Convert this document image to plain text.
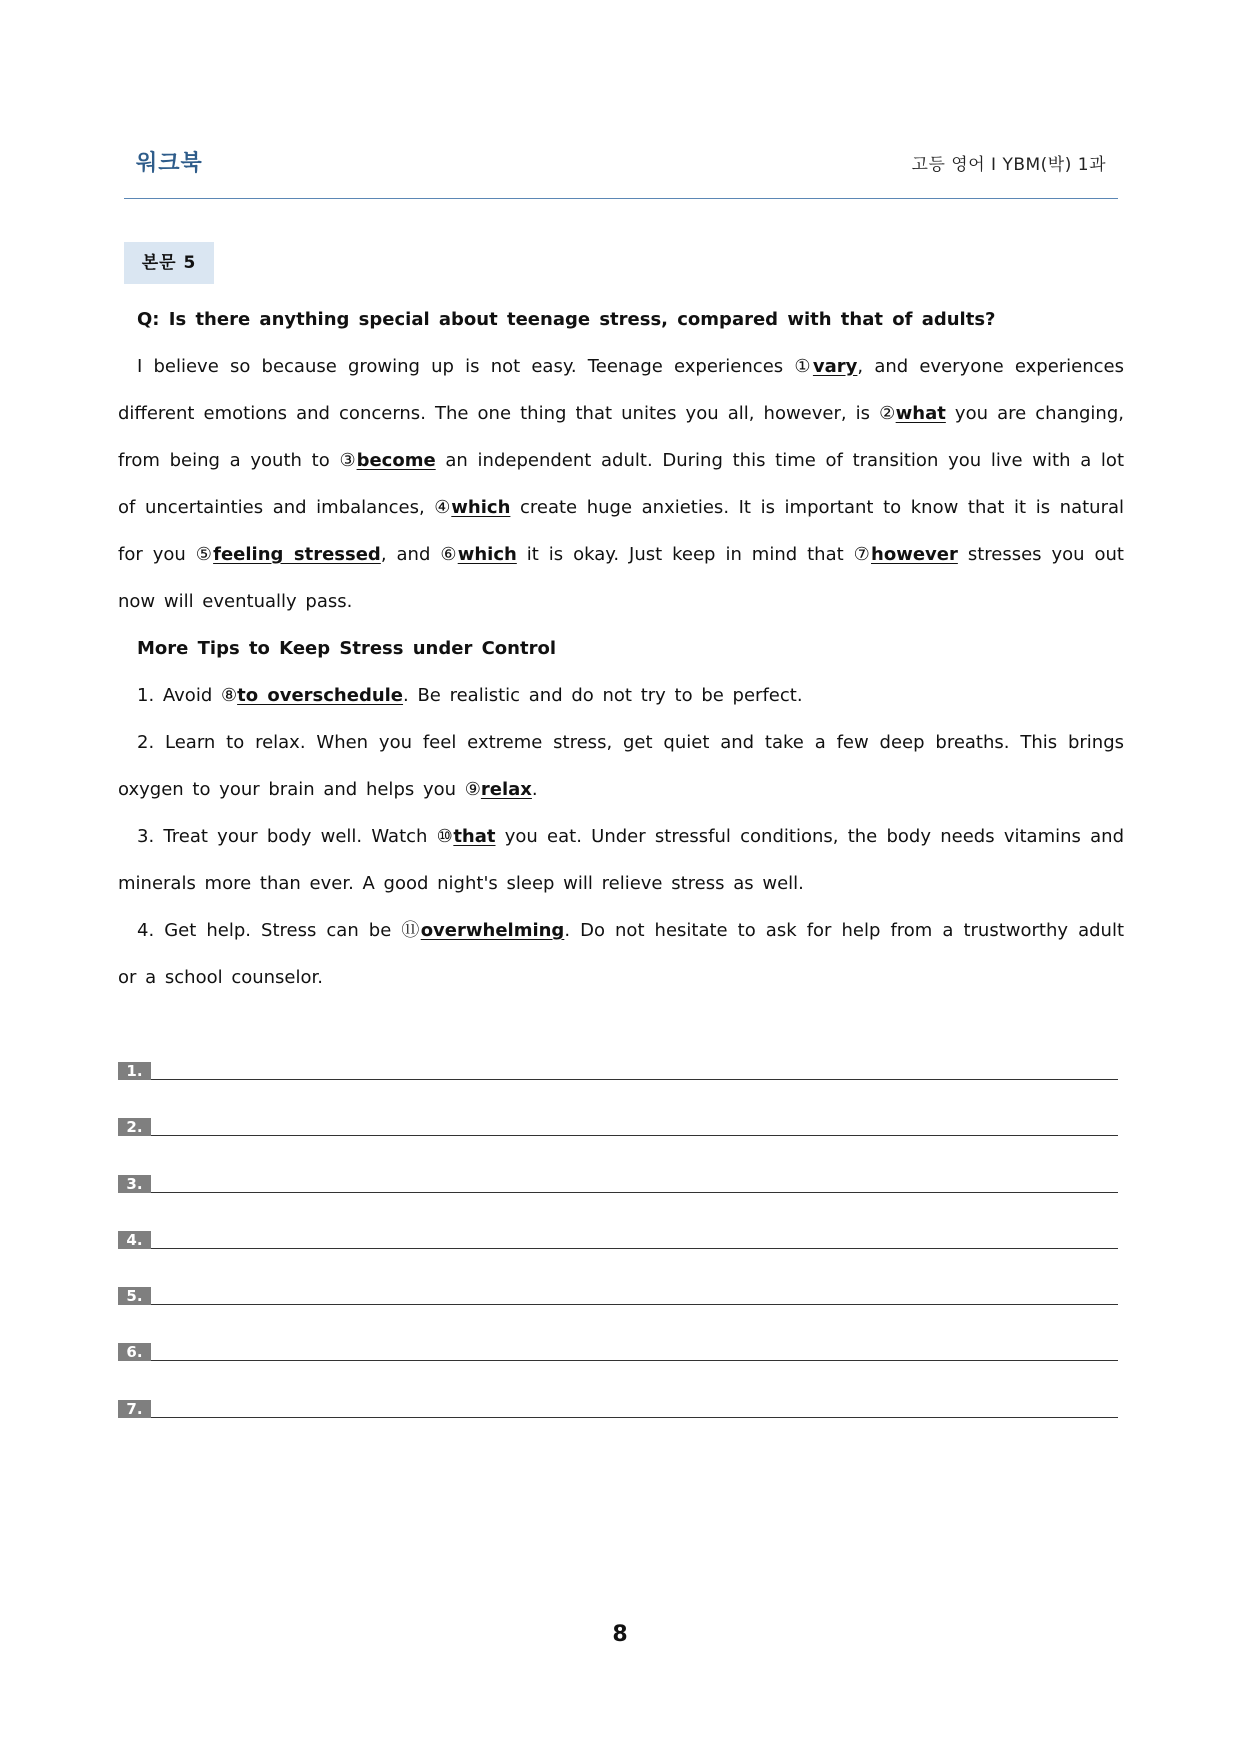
워크북	고등 영어 I YBM(박) 1과
본문 5

Q: Is there anything special about teenage stress, compared with that of adults?

I believe so because growing up is not easy. Teenage experiences ①vary, and everyone experiences different emotions and concerns. The one thing that unites you all, however, is ②what you are changing, from being a youth to ③become an independent adult. During this time of transition you live with a lot of uncertainties and imbalances, ④which create huge anxieties. It is important to know that it is natural for you ⑤feeling stressed, and ⑥which it is okay. Just keep in mind that ⑦however stresses you out now will eventually pass.

More Tips to Keep Stress under Control

1. Avoid ⑧to overschedule. Be realistic and do not try to be perfect.

2. Learn to relax. When you feel extreme stress, get quiet and take a few deep breaths. This brings oxygen to your brain and helps you ⑨relax.

3. Treat your body well. Watch ⑩that you eat. Under stressful conditions, the body needs vitamins and minerals more than ever. A good night's sleep will relieve stress as well.

4. Get help. Stress can be ⑪overwhelming. Do not hesitate to ask for help from a trustworthy adult or a school counselor.

1.
2.
3.
4.
5.
6.
7.
8
